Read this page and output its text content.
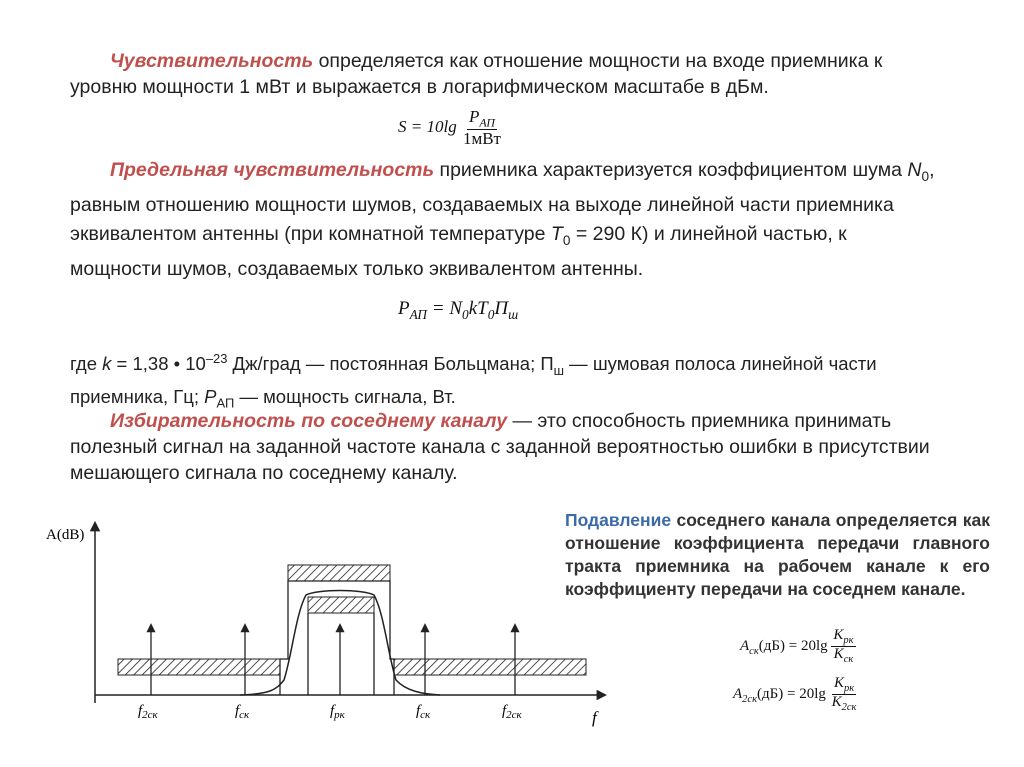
Чувствительность определяется как отношение мощности на входе приемника к уровню мощности 1 мВт и выражается в логарифмическом масштабе в дБм.
$S = 10\lg \frac{P_{АП}}{\text{1мВт}}$
Предельная чувствительность приемника характеризуется коэффициентом шума $N_0$, равным отношению мощности шумов, создаваемых на выходе линейной части приемника эквивалентом антенны (при комнатной температуре $T_0 = 290$ К) и линейной частью, к мощности шумов, создаваемых только эквивалентом антенны.
$P_{АП} = N_0kT_0П_ш$
где k = 1,38 • $10^{-23}$ Дж/град — постоянная Больцмана; $П_ш$ — шумовая полоса линейной части приемника, Гц; $P_{АП}$ — мощность сигнала, Вт.
Избирательность по соседнему каналу — это способность приемника принимать полезный сигнал на заданной частоте канала с заданной вероятностью ошибки в присутствии мешающего сигнала по соседнему каналу.
Подавление соседнего канала определяется как отношение коэффициента передачи главного тракта приемника на рабочем канале к его коэффициенту передачи на соседнем канале.
$А_{ск}(дБ) = 20\lg \frac{K_{рк}}{K_{ск}}$
$А_{2ск}(дБ) = 20\lg \frac{K_{рк}}{K_{2ск}}$
A(dB)
f
$f_{2ск}$	$f_{ск}$	$f_{рк}$	$f_{ск}$	$f_{2ск}$
